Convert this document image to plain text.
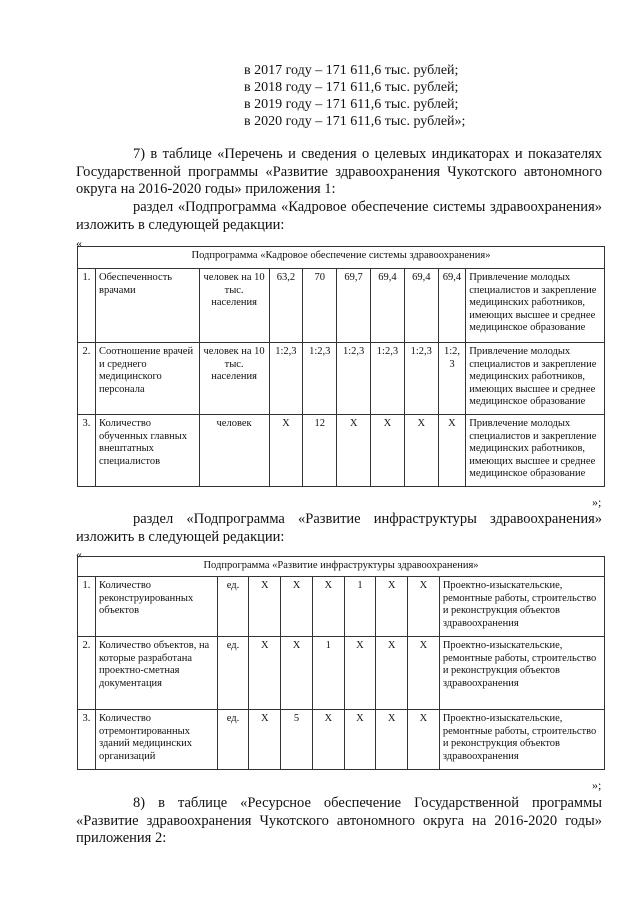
в 2017 году – 171 611,6 тыс. рублей;
в 2018 году – 171 611,6 тыс. рублей;
в 2019 году – 171 611,6 тыс. рублей;
в 2020 году – 171 611,6 тыс. рублей»;

7) в таблице «Перечень и сведения о целевых индикаторах и показателях Государственной программы «Развитие здравоохранения Чукотского автономного округа на 2016-2020 годы» приложения 1:

раздел «Подпрограмма «Кадровое обеспечение системы здравоохранения» изложить в следующей редакции:

«
Подпрограмма «Кадровое обеспечение системы здравоохранения»									
1.	Обеспеченность врачами	человек на 10 тыс. населения	63,2	70	69,7	69,4	69,4	69,4	Привлечение молодых специалистов и закрепление медицинских работников, имеющих высшее и среднее медицинское образование
2.	Соотношение врачей и среднего медицинского персонала	человек на 10 тыс. населения	1:2,3	1:2,3	1:2,3	1:2,3	1:2,3	1:2,3	Привлечение молодых специалистов и закрепление медицинских работников, имеющих высшее и среднее медицинское образование
3.	Количество обученных главных внештатных специалистов	человек	Х	12	Х	Х	Х	Х	Привлечение молодых специалистов и закрепление медицинских работников, имеющих высшее и среднее медицинское образование
»;

раздел «Подпрограмма «Развитие инфраструктуры здравоохранения» изложить в следующей редакции:

«
Подпрограмма «Развитие инфраструктуры здравоохранения»									
1.	Количество реконструированных объектов	ед.	Х	Х	Х	1	Х	Х	Проектно-изыскательские, ремонтные работы, строительство и реконструкция объектов здравоохранения
2.	Количество объектов, на которые разработана проектно-сметная документация	ед.	Х	Х	1	Х	Х	Х	Проектно-изыскательские, ремонтные работы, строительство и реконструкция объектов здравоохранения
3.	Количество отремонтированных зданий медицинских организаций	ед.	Х	5	Х	Х	Х	Х	Проектно-изыскательские, ремонтные работы, строительство и реконструкция объектов здравоохранения
»;

8) в таблице «Ресурсное обеспечение Государственной программы «Развитие здравоохранения Чукотского автономного округа на 2016-2020 годы» приложения 2:
